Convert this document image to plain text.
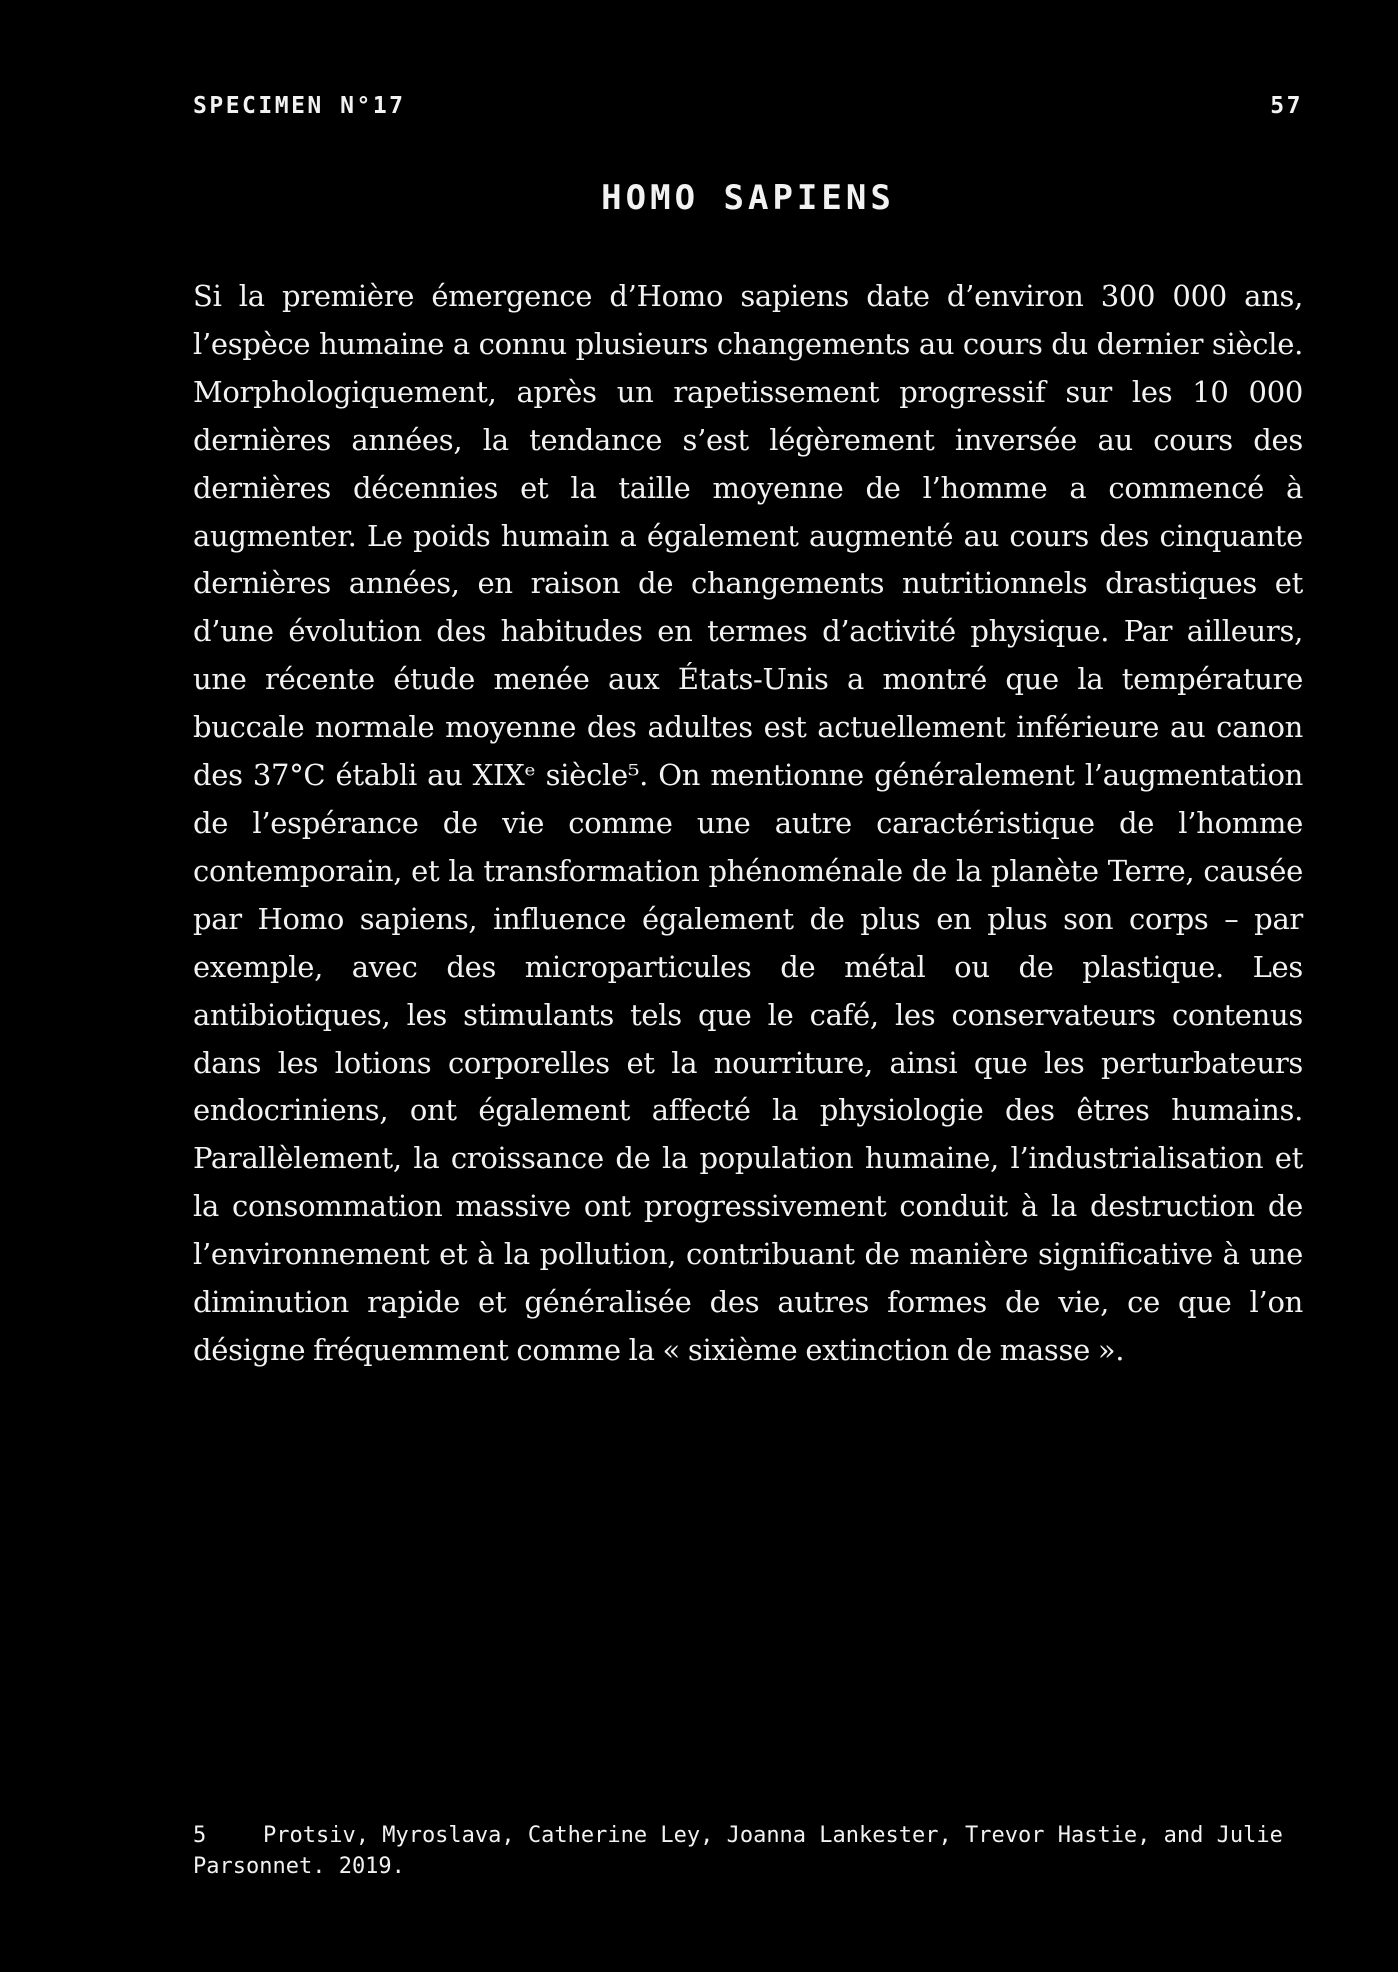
SPECIMEN N°17	57
HOMO SAPIENS

Si la première émergence d’Homo sapiens date d’environ 300 000 ans, l’espèce humaine a connu plusieurs changements au cours du dernier siècle. Morphologiquement, après un rapetissement progressif sur les 10 000 dernières années, la tendance s’est légèrement inversée au cours des dernières décennies et la taille moyenne de l’homme a commencé à augmenter. Le poids humain a également augmenté au cours des cinquante dernières années, en raison de changements nutritionnels drastiques et d’une évolution des habitudes en termes d’activité physique. Par ailleurs, une récente étude menée aux États-Unis a montré que la température buccale normale moyenne des adultes est actuellement inférieure au canon des 37°C établi au XIXᵉ siècle⁵. On mentionne généralement l’augmentation de l’espérance de vie comme une autre caractéristique de l’homme contemporain, et la transformation phénoménale de la planète Terre, causée par Homo sapiens, influence également de plus en plus son corps – par exemple, avec des microparticules de métal ou de plastique. Les antibiotiques, les stimulants tels que le café, les conservateurs contenus dans les lotions corporelles et la nourriture, ainsi que les perturbateurs endocriniens, ont également affecté la physiologie des êtres humains. Parallèlement, la croissance de la population humaine, l’industrialisation et la consommation massive ont progressivement conduit à la destruction de l’environnement et à la pollution, contribuant de manière significative à une diminution rapide et généralisée des autres formes de vie, ce que l’on désigne fréquemment comme la « sixième extinction de masse ».

5	Protsiv, Myroslava, Catherine Ley, Joanna Lankester, Trevor Hastie, and Julie Parsonnet. 2019.
